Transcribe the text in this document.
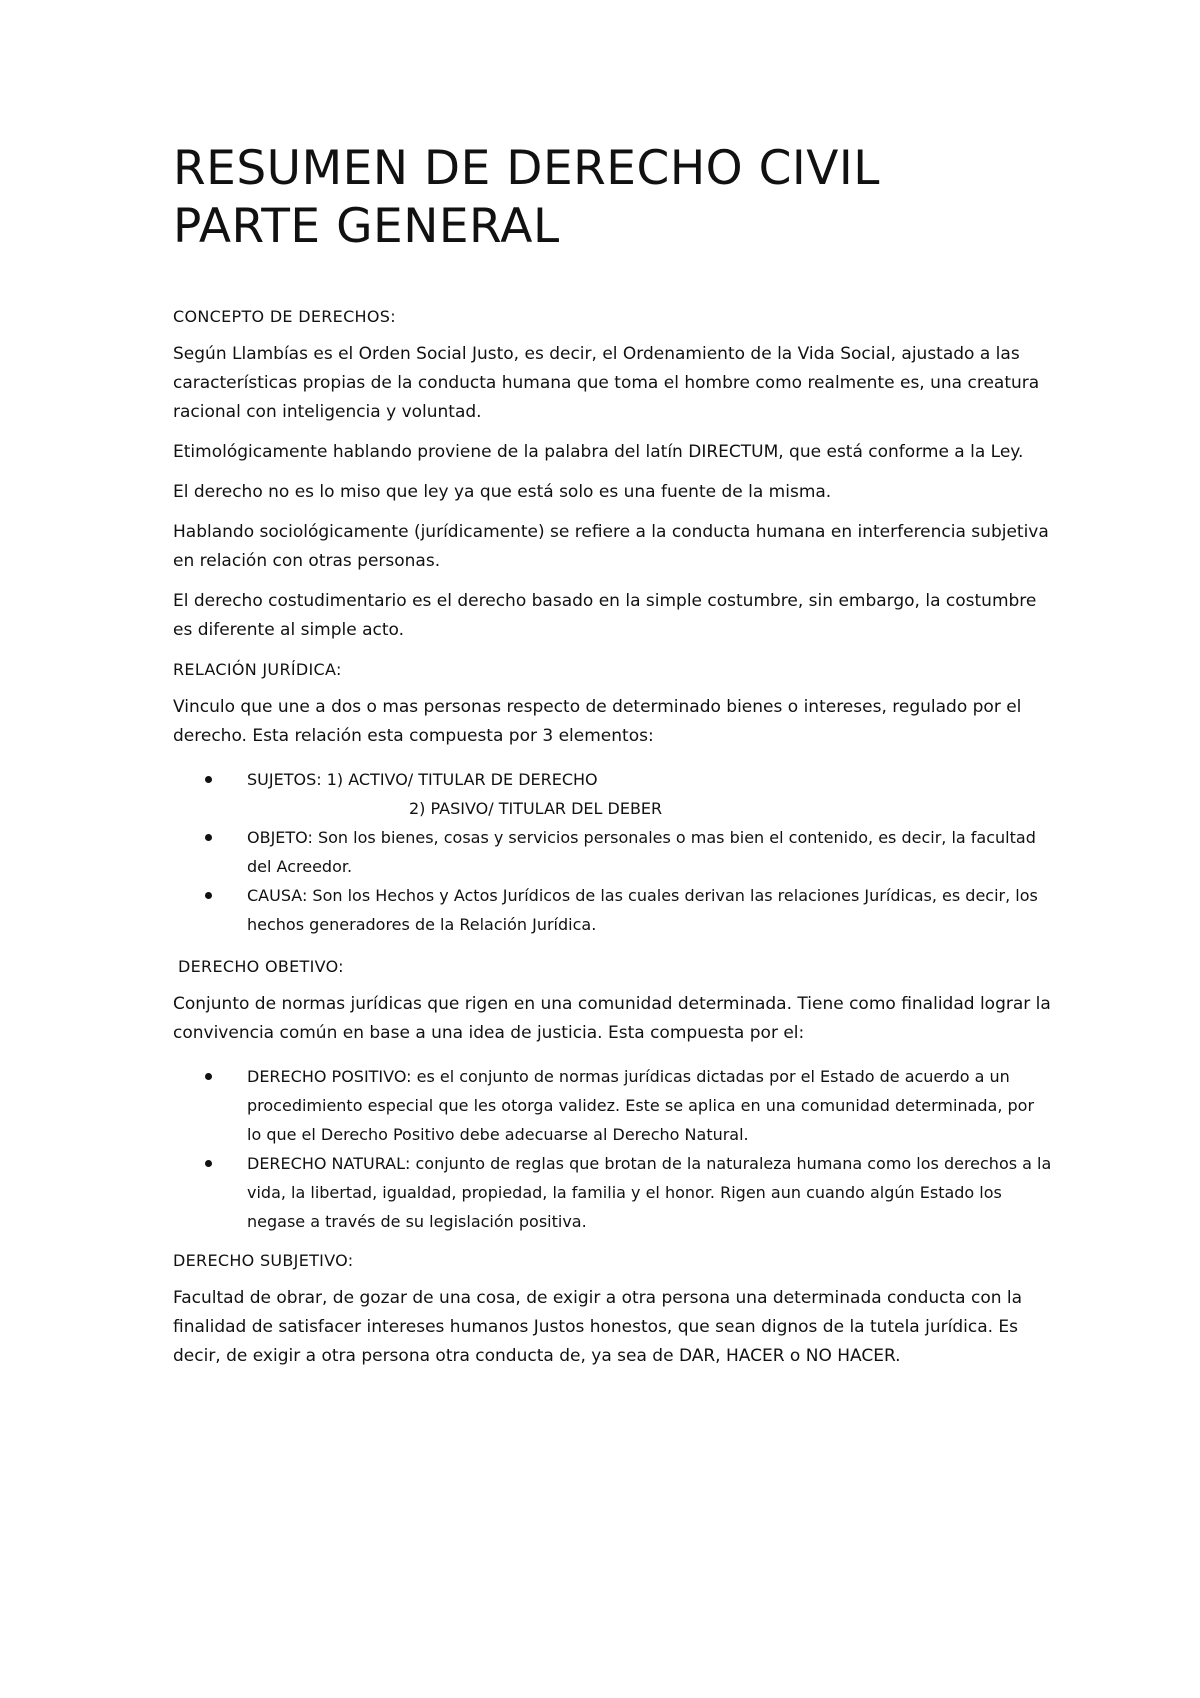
RESUMEN DE DERECHO CIVIL
PARTE GENERAL
CONCEPTO DE DERECHOS:

Según Llambías es el Orden Social Justo, es decir, el Ordenamiento de la Vida Social, ajustado a las características propias de la conducta humana que toma el hombre como realmente es, una creatura racional con inteligencia y voluntad.

Etimológicamente hablando proviene de la palabra del latín DIRECTUM, que está conforme a la Ley.

El derecho no es lo miso que ley ya que está solo es una fuente de la misma.

Hablando sociológicamente (jurídicamente) se refiere a la conducta humana en interferencia subjetiva en relación con otras personas.

El derecho costudimentario es el derecho basado en la simple costumbre, sin embargo, la costumbre es diferente al simple acto.

RELACIÓN JURÍDICA:

Vinculo que une a dos o mas personas respecto de determinado bienes o intereses, regulado por el derecho. Esta relación esta compuesta por 3 elementos:

SUJETOS: 1) ACTIVO/ TITULAR DE DERECHO
2) PASIVO/ TITULAR DEL DEBER
OBJETO: Son los bienes, cosas y servicios personales o mas bien el contenido, es decir, la facultad del Acreedor.
CAUSA: Son los Hechos y Actos Jurídicos de las cuales derivan las relaciones Jurídicas, es decir, los hechos generadores de la Relación Jurídica.
DERECHO OBETIVO:

Conjunto de normas jurídicas que rigen en una comunidad determinada. Tiene como finalidad lograr la convivencia común en base a una idea de justicia. Esta compuesta por el:

DERECHO POSITIVO: es el conjunto de normas jurídicas dictadas por el Estado de acuerdo a un procedimiento especial que les otorga validez. Este se aplica en una comunidad determinada, por lo que el Derecho Positivo debe adecuarse al Derecho Natural.
DERECHO NATURAL: conjunto de reglas que brotan de la naturaleza humana como los derechos a la vida, la libertad, igualdad, propiedad, la familia y el honor. Rigen aun cuando algún Estado los negase a través de su legislación positiva.
DERECHO SUBJETIVO:

Facultad de obrar, de gozar de una cosa, de exigir a otra persona una determinada conducta con la finalidad de satisfacer intereses humanos Justos honestos, que sean dignos de la tutela jurídica. Es decir, de exigir a otra persona otra conducta de, ya sea de DAR, HACER o NO HACER.
